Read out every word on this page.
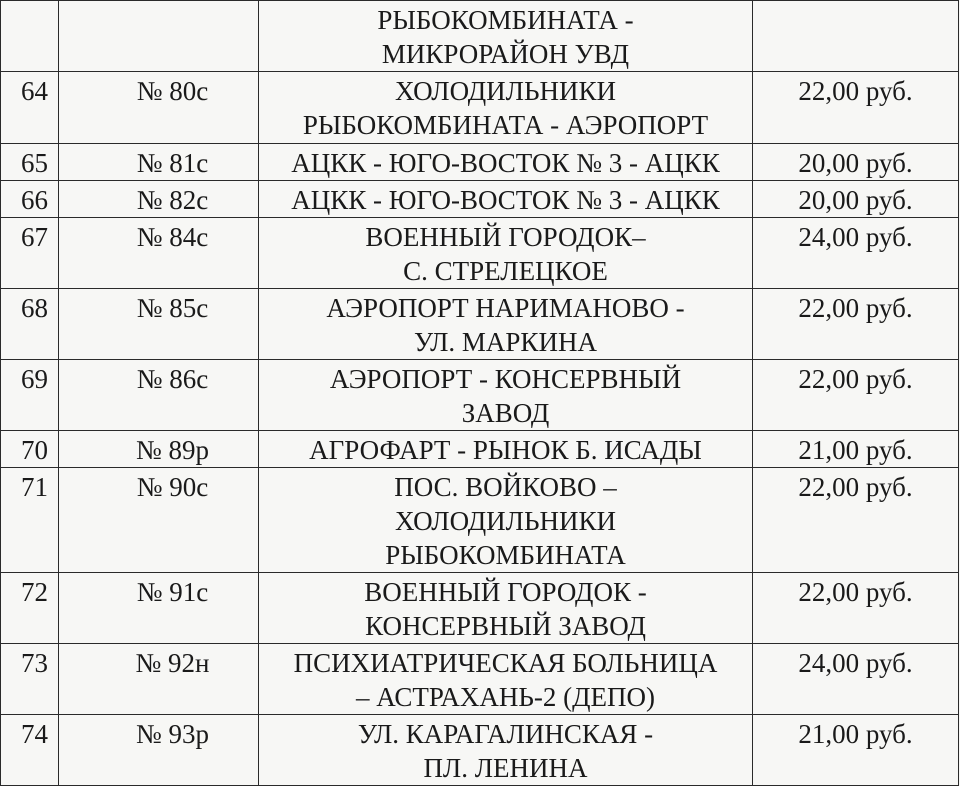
		РЫБОКОМБИНАТА -
МИКРОРАЙОН УВД	

64	№ 80с	ХОЛОДИЛЬНИКИ
РЫБОКОМБИНАТА - АЭРОПОРТ	22,00 руб.
65	№ 81с	АЦКК - ЮГО-ВОСТОК № 3 - АЦКК	20,00 руб.
66	№ 82с	АЦКК - ЮГО-ВОСТОК № 3 - АЦКК	20,00 руб.
67	№ 84с	ВОЕННЫЙ ГОРОДОК–
С. СТРЕЛЕЦКОЕ	24,00 руб.
68	№ 85с	АЭРОПОРТ НАРИМАНОВО -
УЛ. МАРКИНА	22,00 руб.
69	№ 86с	АЭРОПОРТ - КОНСЕРВНЫЙ
ЗАВОД	22,00 руб.
70	№ 89р	АГРОФАРТ - РЫНОК Б. ИСАДЫ	21,00 руб.
71	№ 90с	ПОС. ВОЙКОВО –
ХОЛОДИЛЬНИКИ
РЫБОКОМБИНАТА	22,00 руб.
72	№ 91с	ВОЕННЫЙ ГОРОДОК -
КОНСЕРВНЫЙ ЗАВОД	22,00 руб.
73	№ 92н	ПСИХИАТРИЧЕСКАЯ БОЛЬНИЦА
– АСТРАХАНЬ-2 (ДЕПО)	24,00 руб.
74	№ 93р	УЛ. КАРАГАЛИНСКАЯ -
ПЛ. ЛЕНИНА	21,00 руб.
